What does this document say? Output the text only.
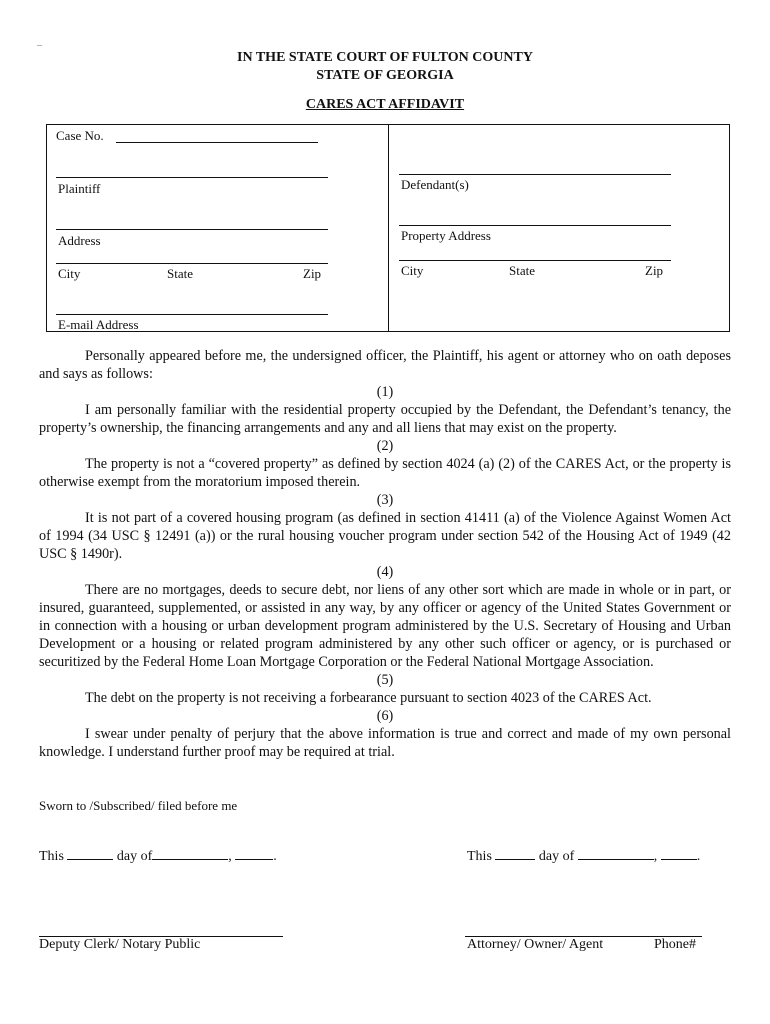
_
IN THE STATE COURT OF FULTON COUNTY
STATE OF GEORGIA
CARES ACT AFFIDAVIT
Case No.
Plaintiff
Address
City	State	Zip
E-mail Address
Defendant(s)
Property Address
City	State	Zip

Personally appeared before me, the undersigned officer, the Plaintiff, his agent or attorney who on oath deposes and says as follows:

(1)

I am personally familiar with the residential property occupied by the Defendant, the Defendant’s tenancy, the property’s ownership, the financing arrangements and any and all liens that may exist on the property.

(2)

The property is not a “covered property” as defined by section 4024 (a) (2) of the CARES Act, or the property is otherwise exempt from the moratorium imposed therein.

(3)

It is not part of a covered housing program (as defined in section 41411 (a) of the Violence Against Women Act of 1994 (34 USC § 12491 (a)) or the rural housing voucher program under section 542 of the Housing Act of 1949 (42 USC § 1490r).

(4)

There are no mortgages, deeds to secure debt, nor liens of any other sort which are made in whole or in part, or insured, guaranteed, supplemented, or assisted in any way, by any officer or agency of the United States Government or in connection with a housing or urban development program administered by the U.S. Secretary of Housing and Urban Development or a housing or related program administered by any other such officer or agency, or is purchased or securitized by the Federal Home Loan Mortgage Corporation or the Federal National Mortgage Association.

(5)

The debt on the property is not receiving a forbearance pursuant to section 4023 of the CARES Act.

(6)

I swear under penalty of perjury that the above information is true and correct and made of my own personal knowledge. I understand further proof may be required at trial.

Sworn to /Subscribed/ filed before me
This	day of	,	.	This	day of	,	.
Deputy Clerk/ Notary Public	Attorney/ Owner/ Agent	Phone#
